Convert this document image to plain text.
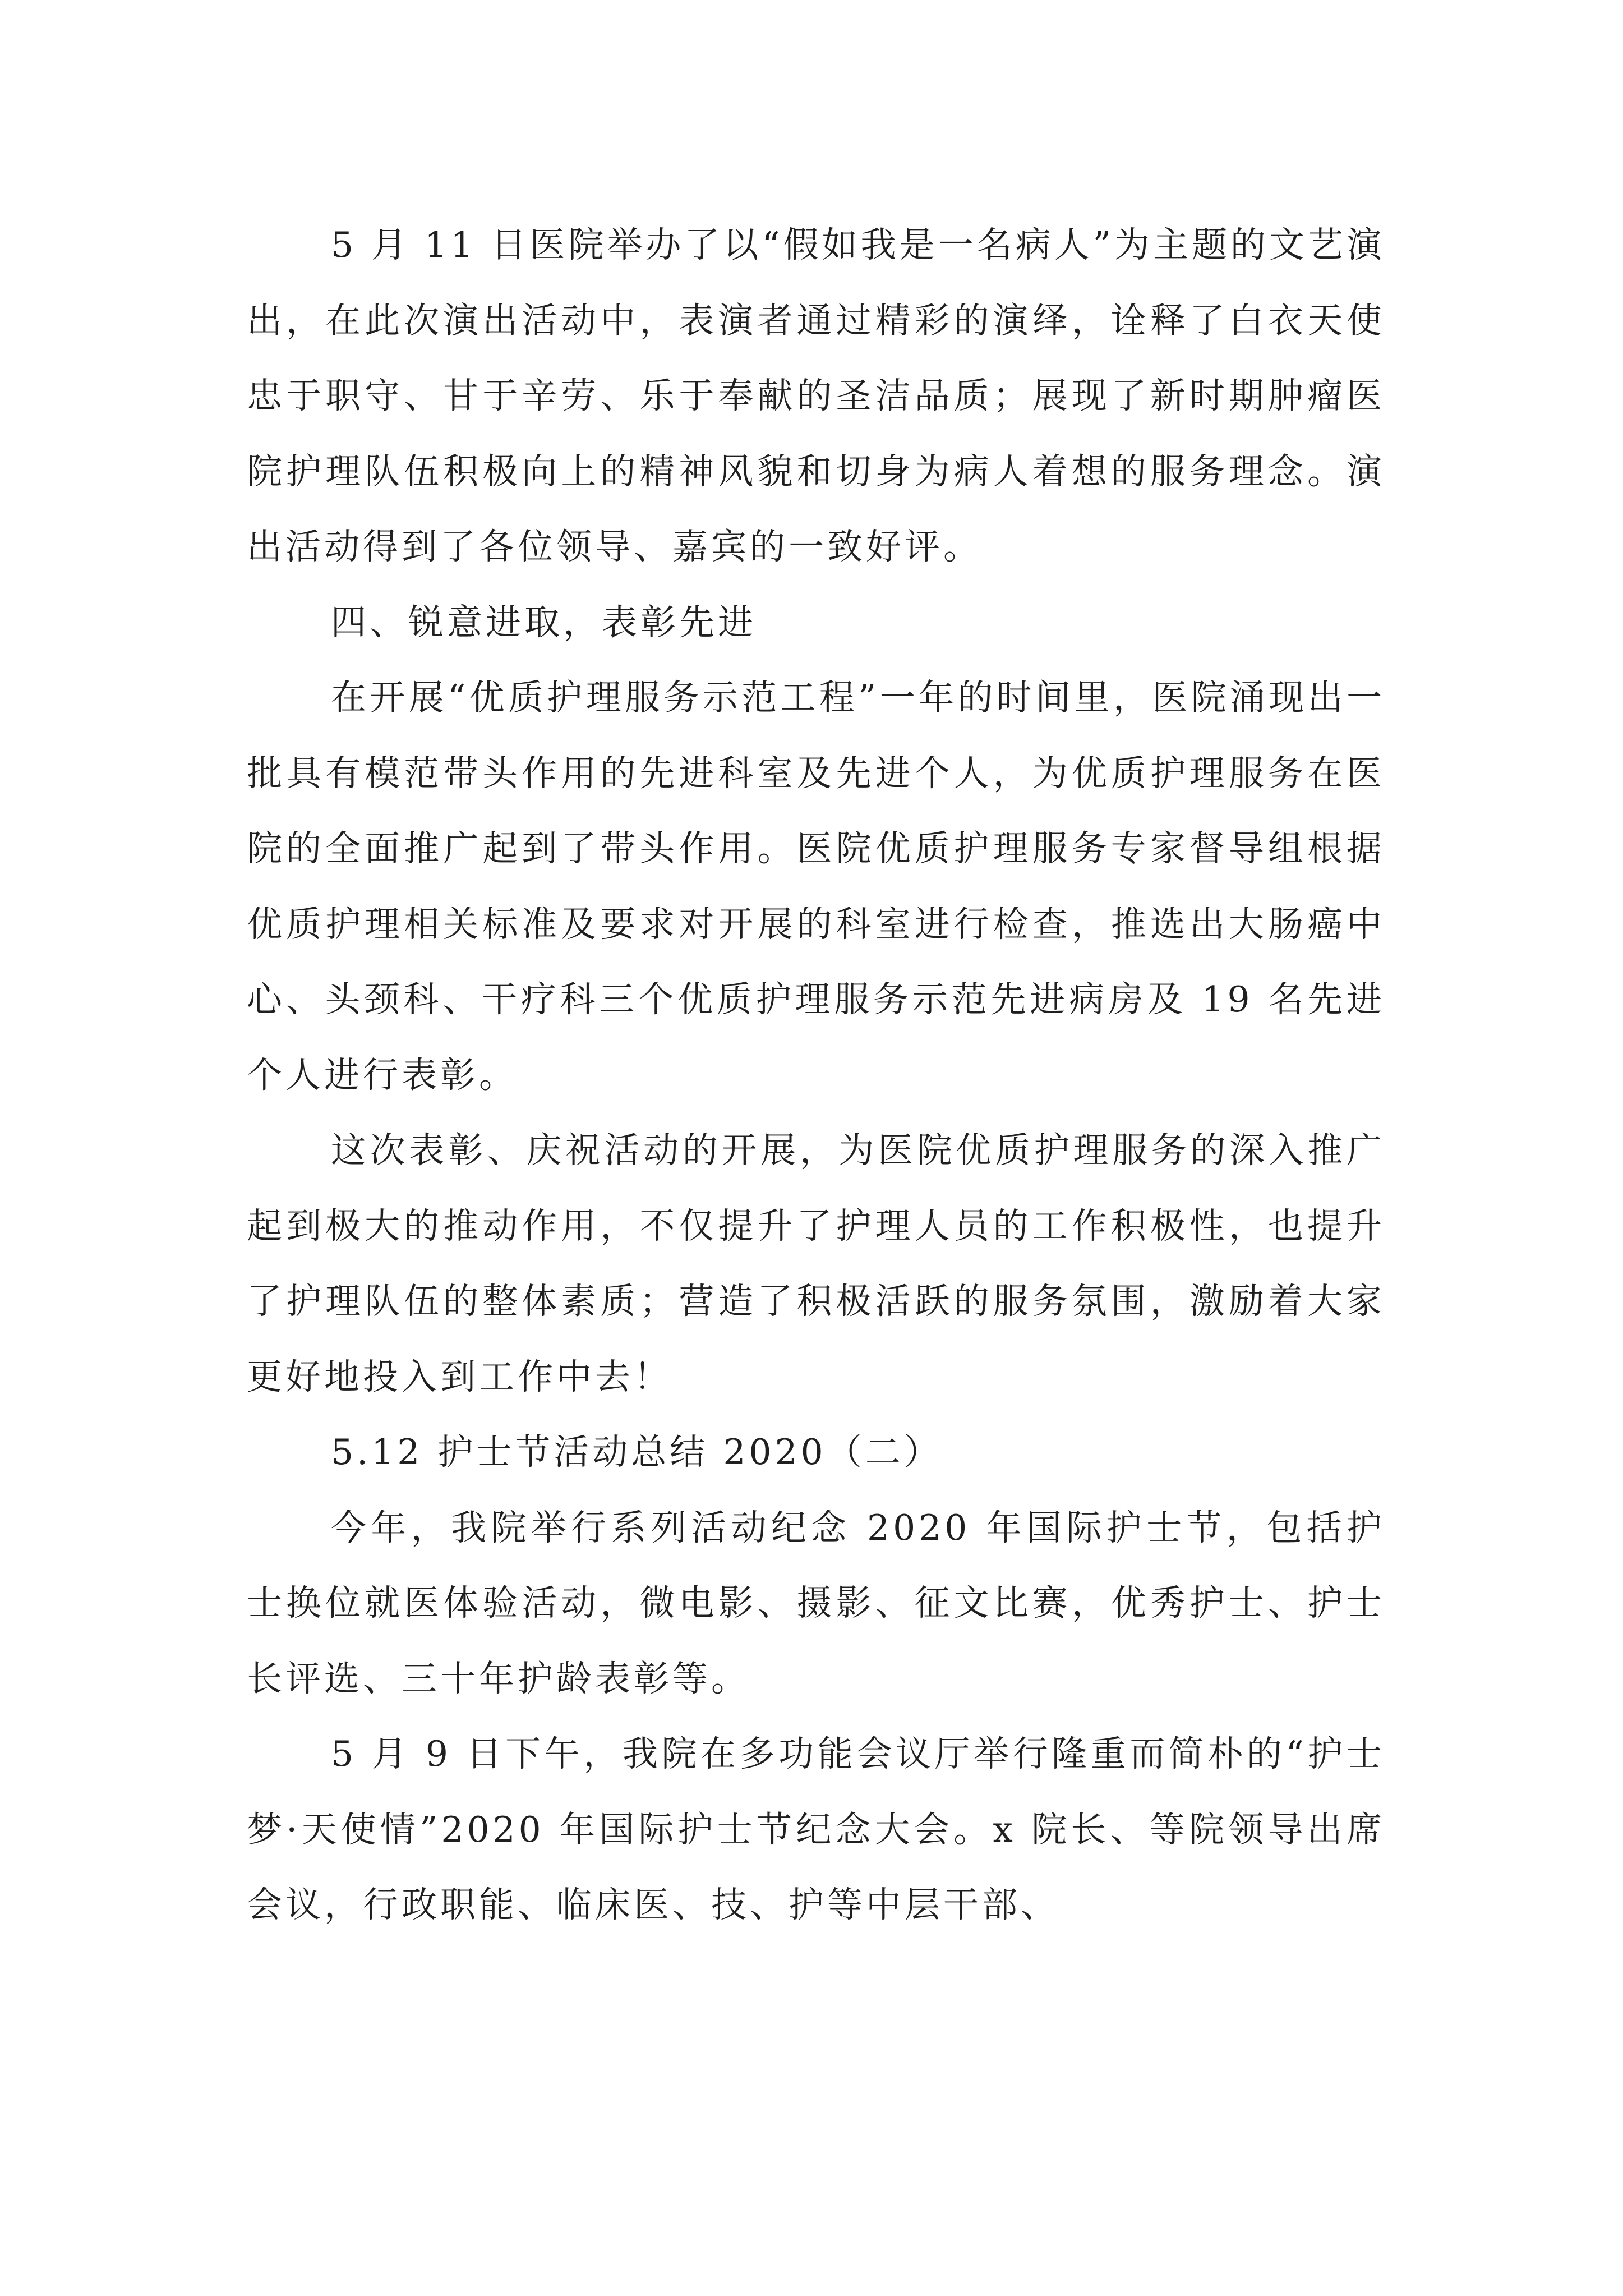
5 月 11 日医院举办了以“假如我是一名病人”为主题的文艺演出，在此次演出活动中，表演者通过精彩的演绎，诠释了白衣天使忠于职守、甘于辛劳、乐于奉献的圣洁品质；展现了新时期肿瘤医院护理队伍积极向上的精神风貌和切身为病人着想的服务理念。演出活动得到了各位领导、嘉宾的一致好评。

四、锐意进取，表彰先进

在开展“优质护理服务示范工程”一年的时间里，医院涌现出一批具有模范带头作用的先进科室及先进个人，为优质护理服务在医院的全面推广起到了带头作用。医院优质护理服务专家督导组根据优质护理相关标准及要求对开展的科室进行检查，推选出大肠癌中心、头颈科、干疗科三个优质护理服务示范先进病房及 19 名先进个人进行表彰。

这次表彰、庆祝活动的开展，为医院优质护理服务的深入推广起到极大的推动作用，不仅提升了护理人员的工作积极性，也提升了护理队伍的整体素质；营造了积极活跃的服务氛围，激励着大家更好地投入到工作中去！

5.12 护士节活动总结 2020（二）

今年，我院举行系列活动纪念 2020 年国际护士节，包括护士换位就医体验活动，微电影、摄影、征文比赛，优秀护士、护士长评选、三十年护龄表彰等。

5 月 9 日下午，我院在多功能会议厅举行隆重而简朴的“护士梦·天使情”2020 年国际护士节纪念大会。x 院长、等院领导出席会议，行政职能、临床医、技、护等中层干部、
